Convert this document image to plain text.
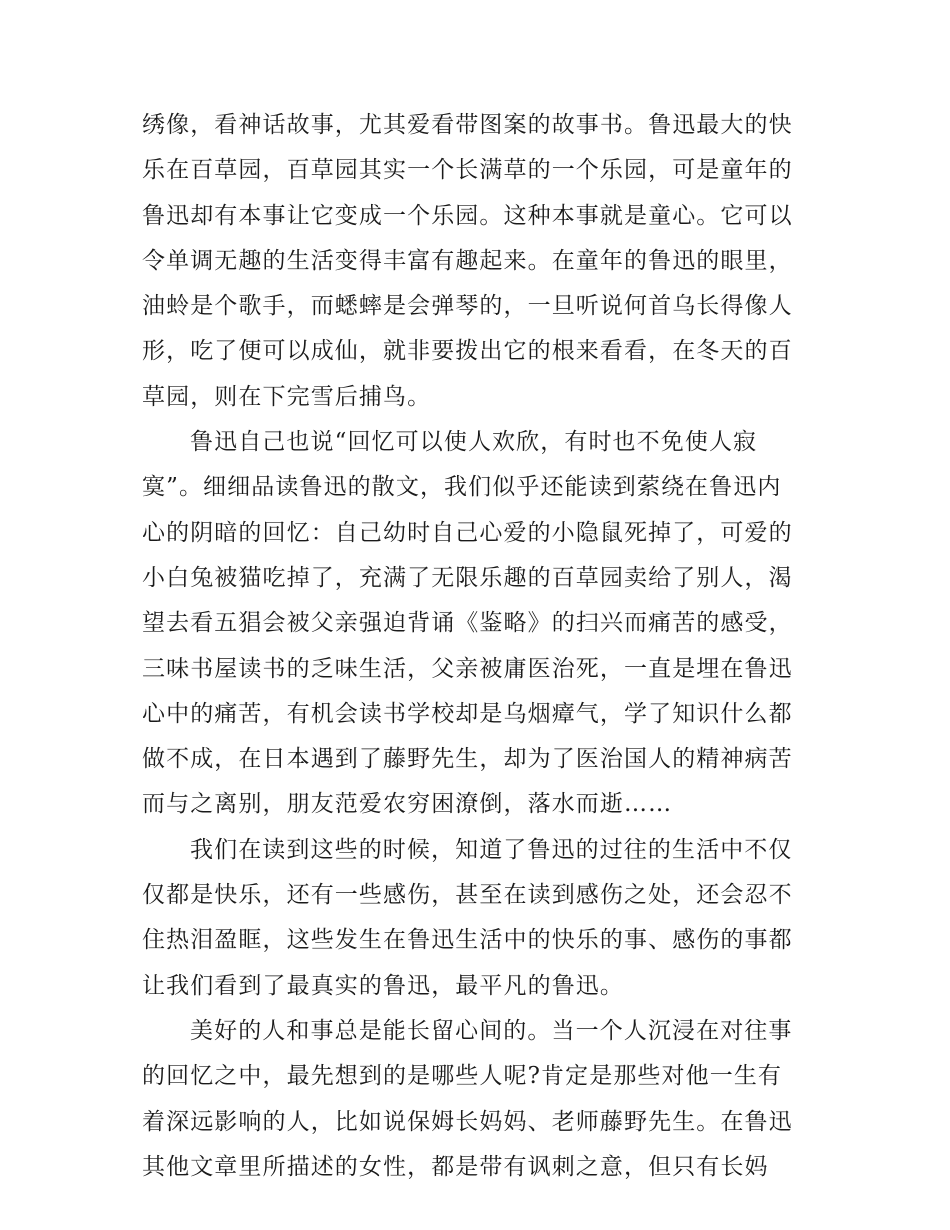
绣像，看神话故事，尤其爱看带图案的故事书。鲁迅最大的快
乐在百草园，百草园其实一个长满草的一个乐园，可是童年的
鲁迅却有本事让它变成一个乐园。这种本事就是童心。它可以
令单调无趣的生活变得丰富有趣起来。在童年的鲁迅的眼里，
油蛉是个歌手，而蟋蟀是会弹琴的，一旦听说何首乌长得像人
形，吃了便可以成仙，就非要拨出它的根来看看，在冬天的百
草园，则在下完雪后捕鸟。
鲁迅自己也说“回忆可以使人欢欣，有时也不免使人寂
寞”。细细品读鲁迅的散文，我们似乎还能读到萦绕在鲁迅内
心的阴暗的回忆：自己幼时自己心爱的小隐鼠死掉了，可爱的
小白兔被猫吃掉了，充满了无限乐趣的百草园卖给了别人，渴
望去看五猖会被父亲强迫背诵《鉴略》的扫兴而痛苦的感受，
三味书屋读书的乏味生活，父亲被庸医治死，一直是埋在鲁迅
心中的痛苦，有机会读书学校却是乌烟瘴气，学了知识什么都
做不成，在日本遇到了藤野先生，却为了医治国人的精神病苦
而与之离别，朋友范爱农穷困潦倒，落水而逝……
我们在读到这些的时候，知道了鲁迅的过往的生活中不仅
仅都是快乐，还有一些感伤，甚至在读到感伤之处，还会忍不
住热泪盈眶，这些发生在鲁迅生活中的快乐的事、感伤的事都
让我们看到了最真实的鲁迅，最平凡的鲁迅。
美好的人和事总是能长留心间的。当一个人沉浸在对往事
的回忆之中，最先想到的是哪些人呢?肯定是那些对他一生有
着深远影响的人，比如说保姆长妈妈、老师藤野先生。在鲁迅
其他文章里所描述的女性，都是带有讽刺之意，但只有长妈
